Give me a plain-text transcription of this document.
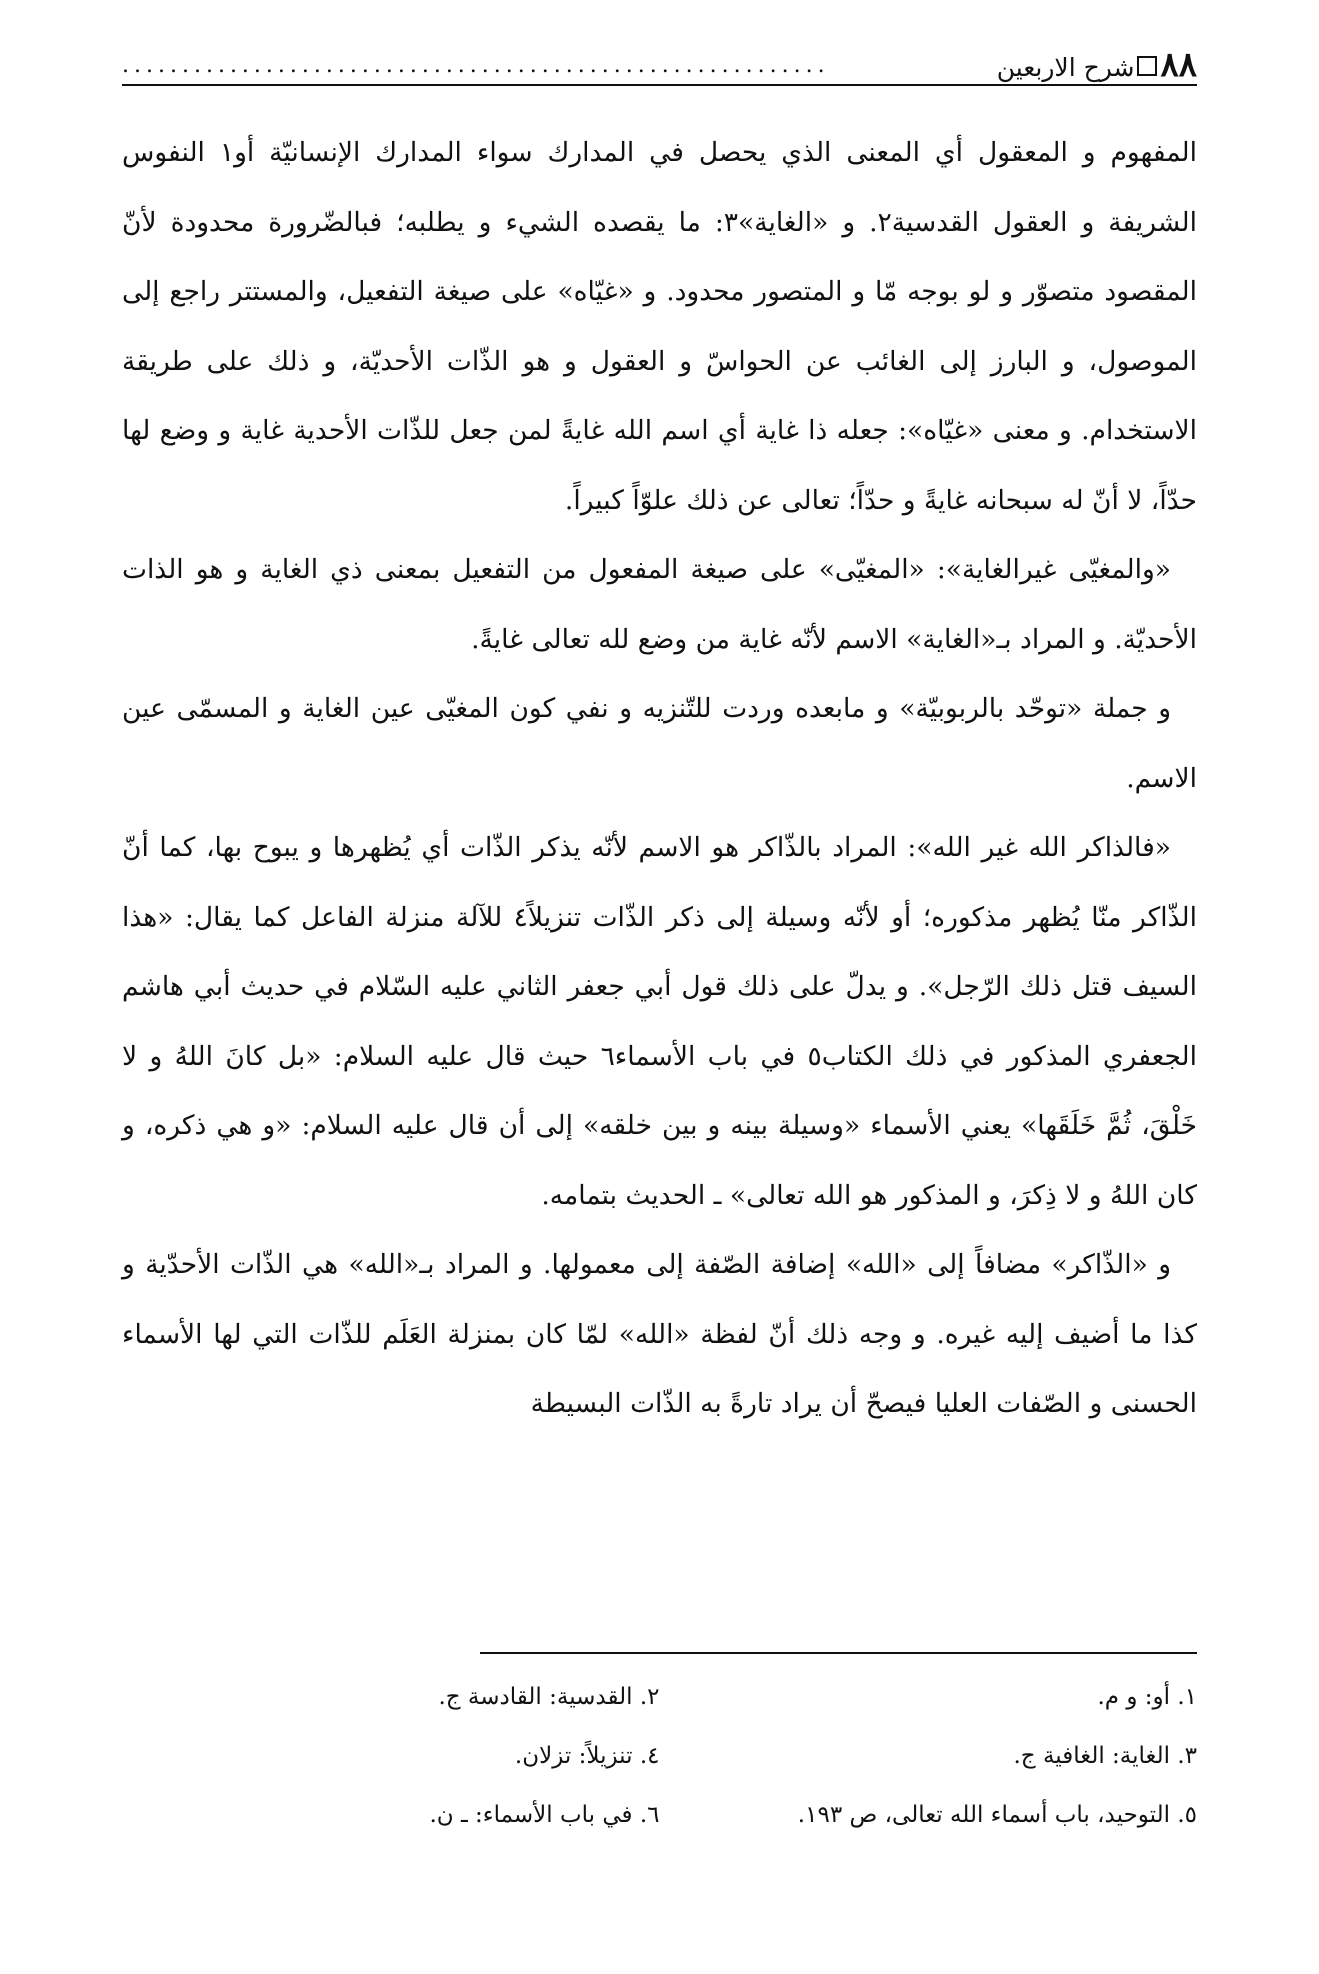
٨٨
شرح الاربعين
...........................................................

المفهوم و المعقول أي المعنى الذي يحصل في المدارك سواء المدارك الإنسانيّة أو١ النفوس الشريفة و العقول القدسية٢. و «الغاية»٣: ما يقصده الشيء و يطلبه؛ فبالضّرورة محدودة لأنّ المقصود متصوّر و لو بوجه مّا و المتصور محدود. و «غيّاه» على صيغة التفعيل، والمستتر راجع إلى الموصول، و البارز إلى الغائب عن الحواسّ و العقول و هو الذّات الأحديّة، و ذلك على طريقة الاستخدام. و معنى «غيّاه»: جعله ذا غاية أي اسم الله غايةً لمن جعل للذّات الأحدية غاية و وضع لها حدّاً، لا أنّ له سبحانه غايةً و حدّاً؛ تعالى عن ذلك علوّاً كبيراً.

«والمغيّى غيرالغاية»: «المغيّى» على صيغة المفعول من التفعيل بمعنى ذي الغاية و هو الذات الأحديّة. و المراد بـ«الغاية» الاسم لأنّه غاية من وضع لله تعالى غايةً.

و جملة «توحّد بالربوبيّة» و مابعده وردت للتّنزيه و نفي كون المغيّى عين الغاية و المسمّى عين الاسم.

«فالذاكر الله غير الله»: المراد بالذّاكر هو الاسم لأنّه يذكر الذّات أي يُظهرها و يبوح بها، كما أنّ الذّاكر منّا يُظهر مذكوره؛ أو لأنّه وسيلة إلى ذكر الذّات تنزيلاً٤ للآلة منزلة الفاعل كما يقال: «هذا السيف قتل ذلك الرّجل». و يدلّ على ذلك قول أبي جعفر الثاني عليه السّلام في حديث أبي هاشم الجعفري المذكور في ذلك الكتاب٥ في باب الأسماء٦ حيث قال عليه السلام: «بل كانَ اللهُ و لا خَلْقَ، ثُمَّ خَلَقَها» يعني الأسماء «وسيلة بينه و بين خلقه» إلى أن قال عليه السلام: «و هي ذكره، و كان اللهُ و لا ذِكرَ، و المذكور هو الله تعالى» ـ الحديث بتمامه.

و «الذّاكر» مضافاً إلى «الله» إضافة الصّفة إلى معمولها. و المراد بـ«الله» هي الذّات الأحدّية و كذا ما أضيف إليه غيره. و وجه ذلك أنّ لفظة «الله» لمّا كان بمنزلة العَلَم للذّات التي لها الأسماء الحسنى و الصّفات العليا فيصحّ أن يراد تارةً به الذّات البسيطة

١. أو: و م.
٢. القدسية: القادسة ج.
٣. الغاية: الغافية ج.
٤. تنزيلاً: تزلان.
٥. التوحيد، باب أسماء الله تعالى، ص ١٩٣.
٦. في باب الأسماء: ـ ن.
